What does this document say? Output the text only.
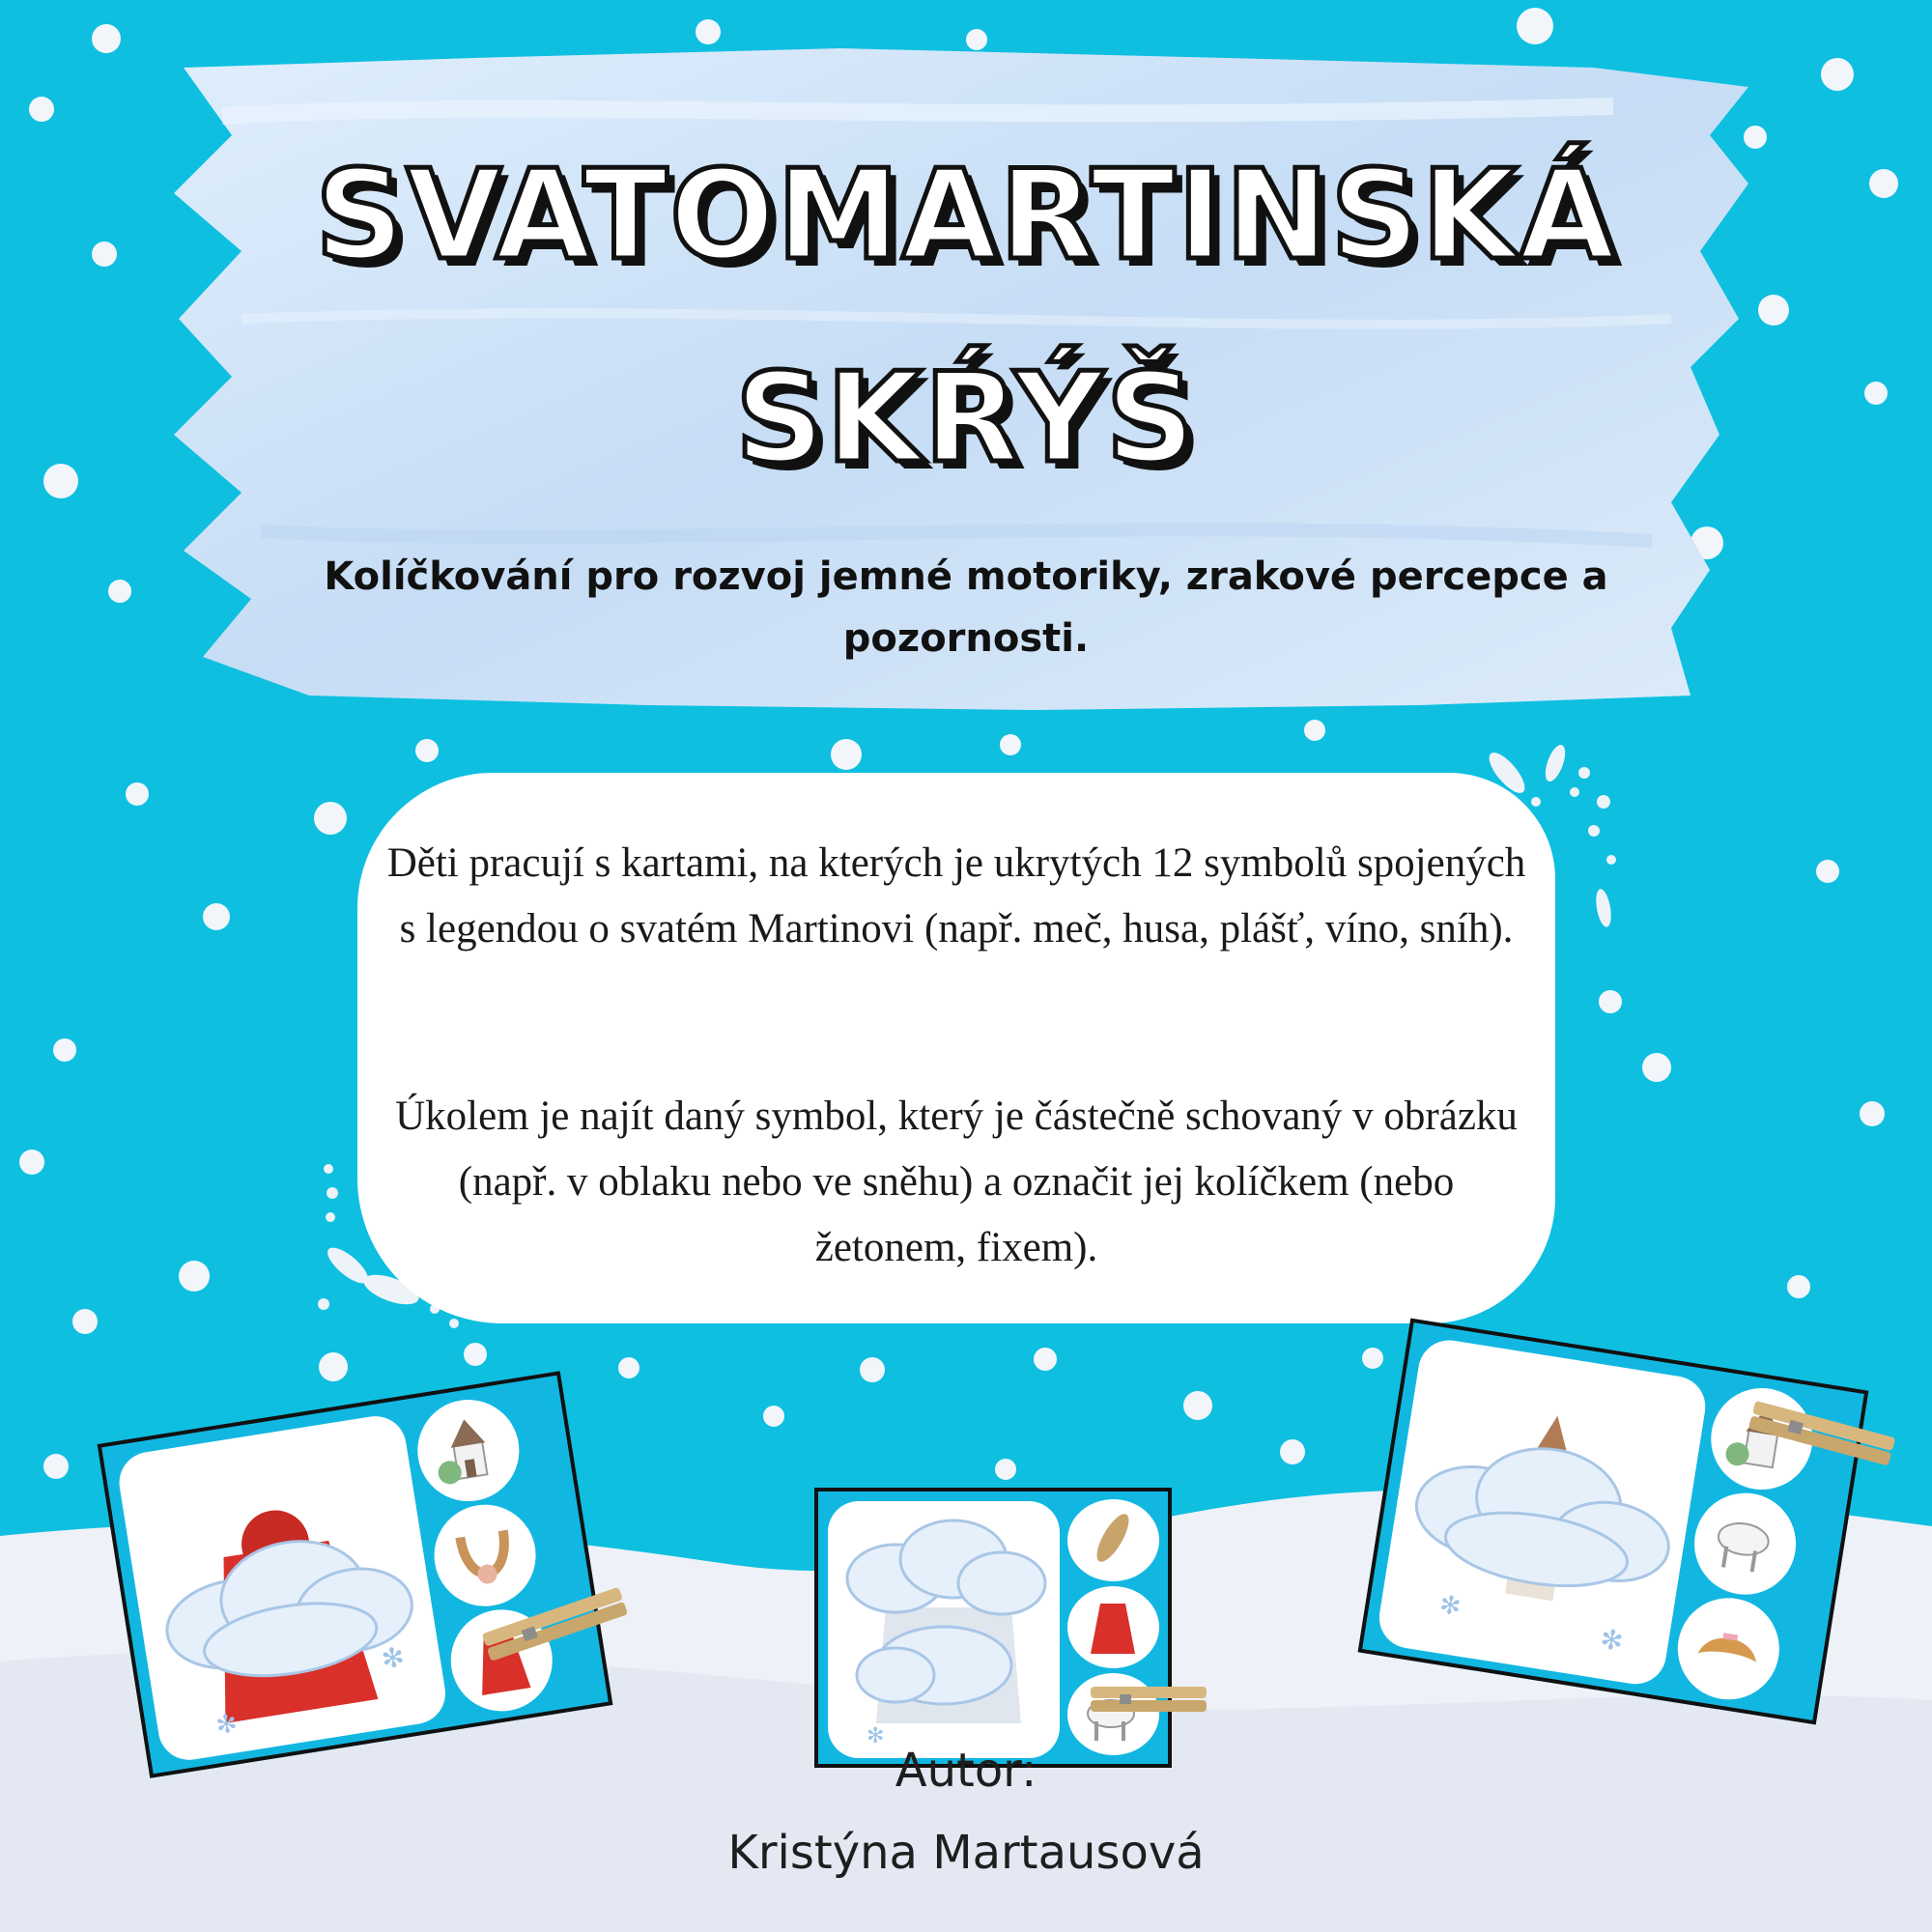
SVATOMARTINSKÁ
SKŔÝŠ
Kolíčkování pro rozvoj jemné motoriky, zrakové percepce a pozornosti.

Děti pracují s kartami, na kterých je ukrytých 12 symbolů spojených s legendou o svatém Martinovi (např. meč, husa, plášť, víno, sníh).

Úkolem je najít daný symbol, který je částečně schovaný v obrázku (např. v oblaku nebo ve sněhu) a označit jej kolíčkem (nebo žetonem, fixem).

✻
✻
✻
✻
✻
Autor:
Kristýna Martausová
